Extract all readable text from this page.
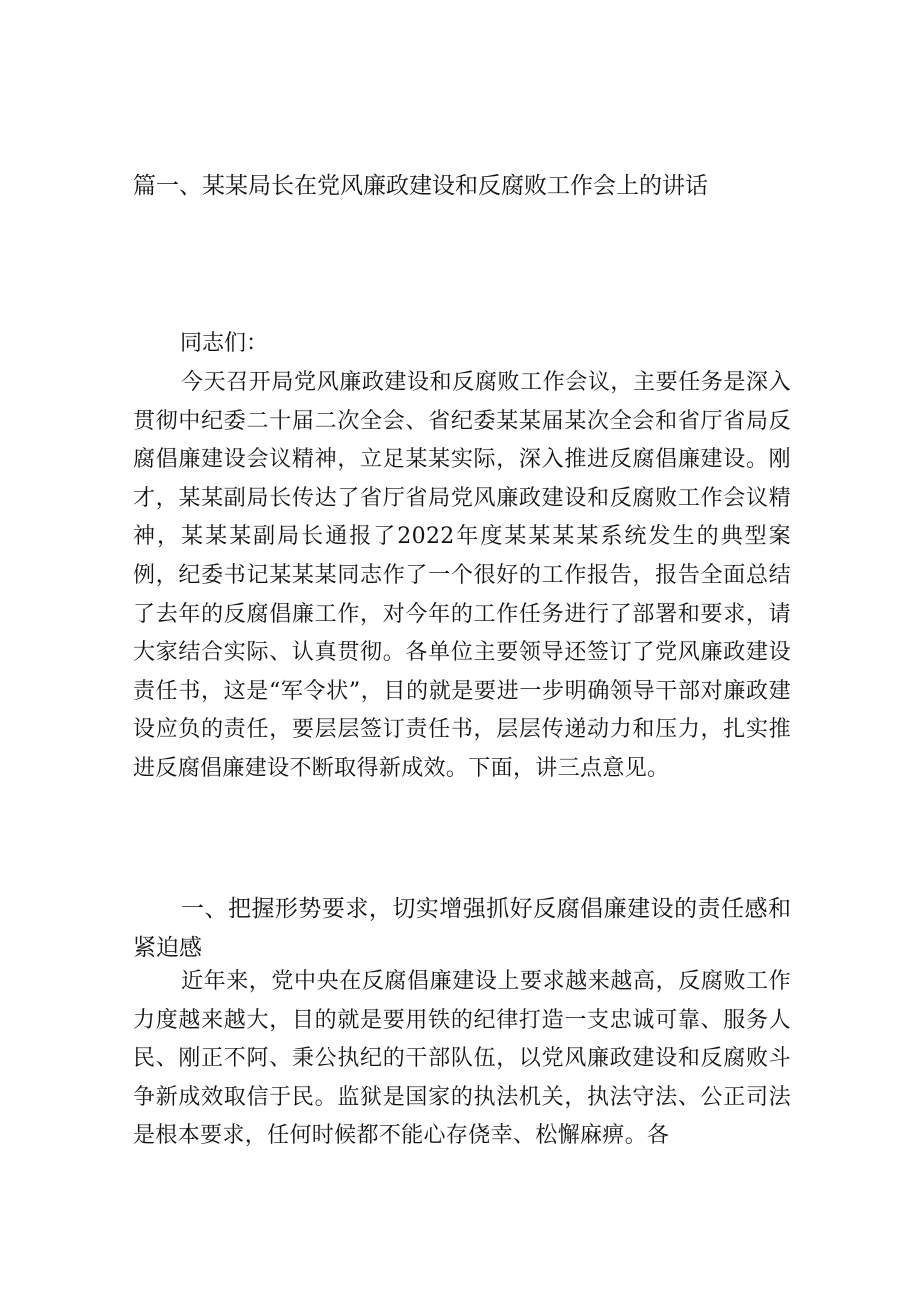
篇一、某某局长在党风廉政建设和反腐败工作会上的讲话

同志们：

今天召开局党风廉政建设和反腐败工作会议，主要任务是深入贯彻中纪委二十届二次全会、省纪委某某届某次全会和省厅省局反腐倡廉建设会议精神，立足某某实际，深入推进反腐倡廉建设。刚才，某某副局长传达了省厅省局党风廉政建设和反腐败工作会议精神，某某某副局长通报了2022年度某某某某系统发生的典型案例，纪委书记某某某同志作了一个很好的工作报告，报告全面总结了去年的反腐倡廉工作，对今年的工作任务进行了部署和要求，请大家结合实际、认真贯彻。各单位主要领导还签订了党风廉政建设责任书，这是“军令状”，目的就是要进一步明确领导干部对廉政建设应负的责任，要层层签订责任书，层层传递动力和压力，扎实推进反腐倡廉建设不断取得新成效。下面，讲三点意见。

一、把握形势要求，切实增强抓好反腐倡廉建设的责任感和紧迫感

近年来，党中央在反腐倡廉建设上要求越来越高，反腐败工作力度越来越大，目的就是要用铁的纪律打造一支忠诚可靠、服务人民、刚正不阿、秉公执纪的干部队伍，以党风廉政建设和反腐败斗争新成效取信于民。监狱是国家的执法机关，执法守法、公正司法是根本要求，任何时候都不能心存侥幸、松懈麻痹。各
